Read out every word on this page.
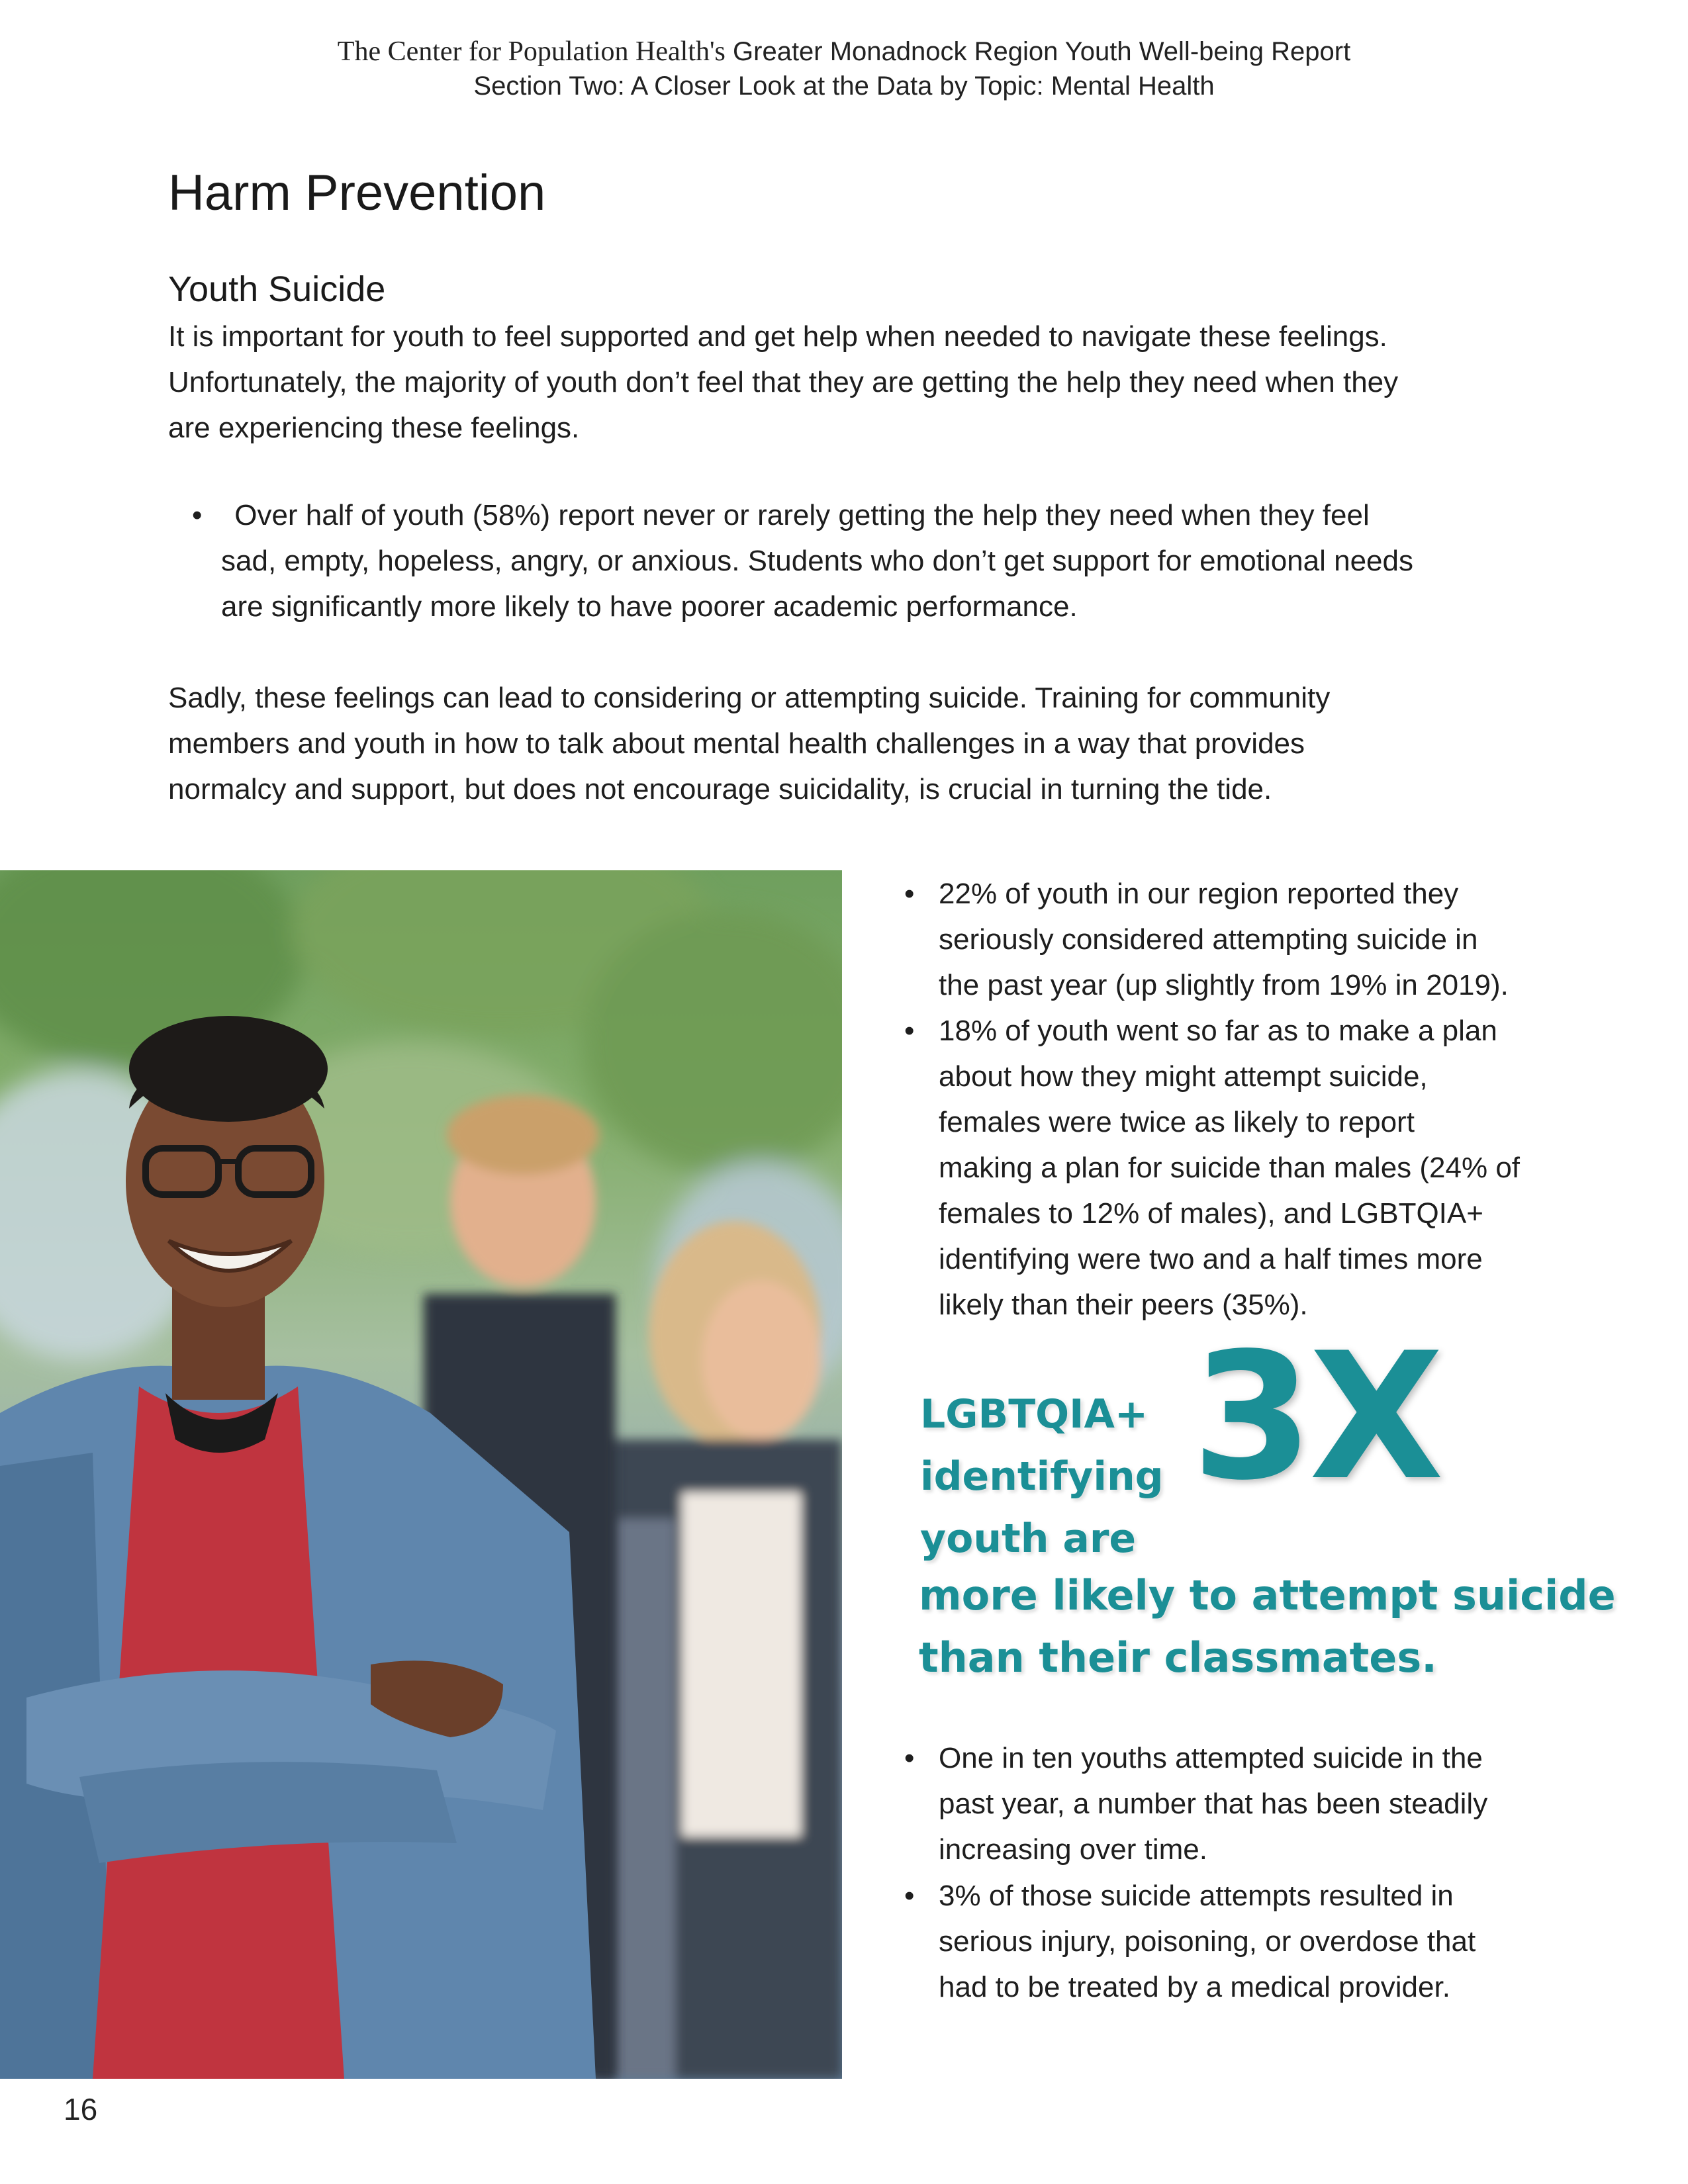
The Center for Population Health's Greater Monadnock Region Youth Well-being Report
Section Two: A Closer Look at the Data by Topic: Mental Health
Harm Prevention
Youth Suicide
It is important for youth to feel supported and get help when needed to navigate these feelings.
Unfortunately, the majority of youth don’t feel that they are getting the help they need when they
are experiencing these feelings.
• Over half of youth (58%) report never or rarely getting the help they need when they feel
sad, empty, hopeless, angry, or anxious. Students who don’t get support for emotional needs
are significantly more likely to have poorer academic performance.
Sadly, these feelings can lead to considering or attempting suicide. Training for community
members and youth in how to talk about mental health challenges in a way that provides
normalcy and support, but does not encourage suicidality, is crucial in turning the tide.
• 22% of youth in our region reported they
seriously considered attempting suicide in
the past year (up slightly from 19% in 2019).
• 18% of youth went so far as to make a plan
about how they might attempt suicide,
females were twice as likely to report
making a plan for suicide than males (24% of
females to 12% of males), and LGBTQIA+
identifying were two and a half times more
likely than their peers (35%).
LGBTQIA+
identifying
youth are
3X
more likely to attempt suicide
than their classmates.
• One in ten youths attempted suicide in the
past year, a number that has been steadily
increasing over time.
• 3% of those suicide attempts resulted in
serious injury, poisoning, or overdose that
had to be treated by a medical provider.
16
